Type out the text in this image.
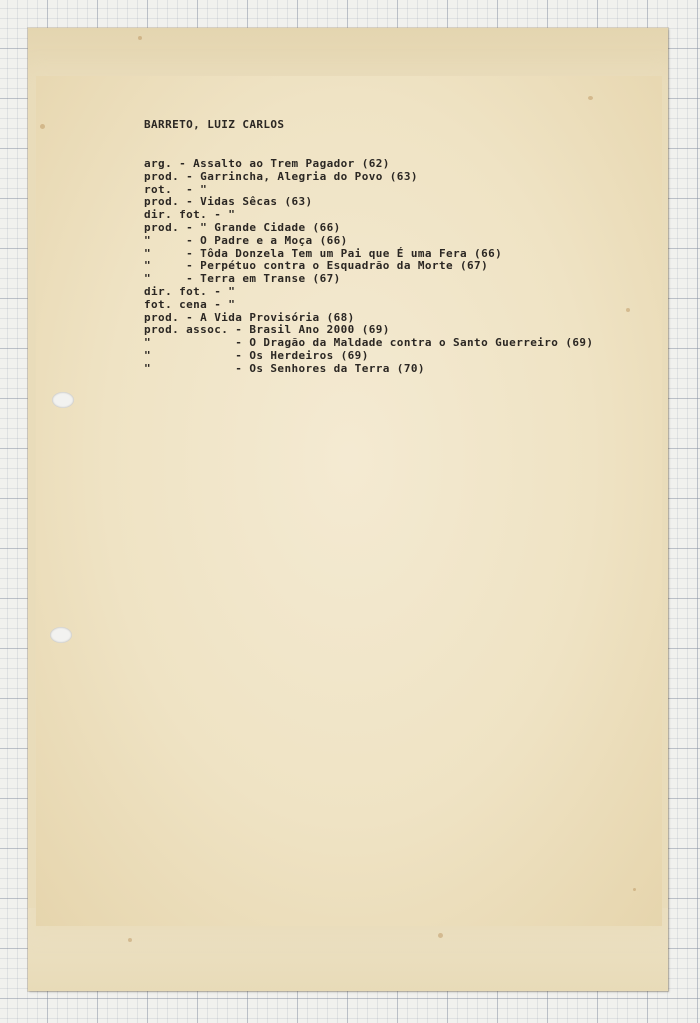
BARRETO, LUIZ CARLOS
arg. - Assalto ao Trem Pagador (62)
prod. - Garrincha, Alegria do Povo (63)
rot.  - "
prod. - Vidas Sêcas (63)
dir. fot. - "
prod. - " Grande Cidade (66)
"     - O Padre e a Moça (66)
"     - Tôda Donzela Tem um Pai que É uma Fera (66)
"     - Perpétuo contra o Esquadrão da Morte (67)
"     - Terra em Transe (67)
dir. fot. - "
fot. cena - "
prod. - A Vida Provisória (68)
prod. assoc. - Brasil Ano 2000 (69)
"            - O Dragão da Maldade contra o Santo Guerreiro (69)
"            - Os Herdeiros (69)
"            - Os Senhores da Terra (70)
